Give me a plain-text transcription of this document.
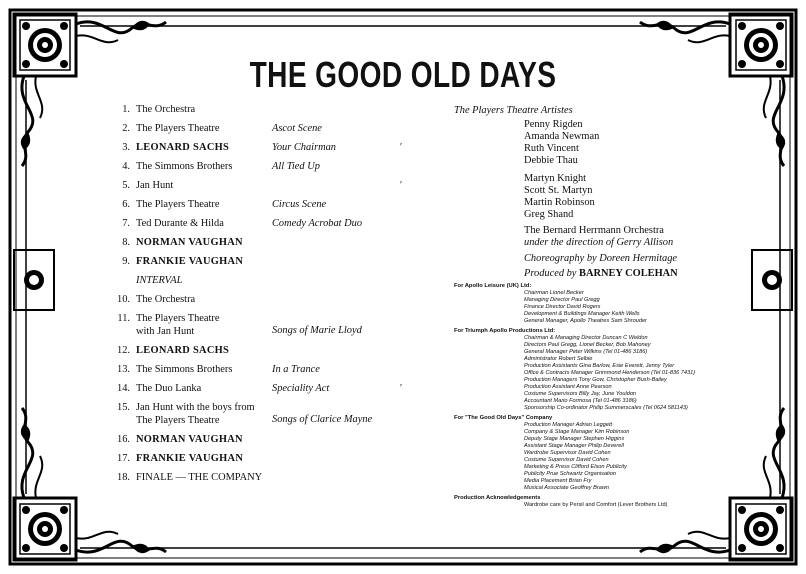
THE GOOD OLD DAYS
1. The Orchestra
2. The Players Theatre	Ascot Scene
3. LEONARD SACHS	Your Chairman	′
4. The Simmons Brothers	All Tied Up
5. Jan Hunt	′
6. The Players Theatre	Circus Scene
7. Ted Durante & Hilda	Comedy Acrobat Duo
8. NORMAN VAUGHAN
9. FRANKIE VAUGHAN
INTERVAL
10. The Orchestra
11. The Players Theatre
with Jan Hunt	Songs of Marie Lloyd
12. LEONARD SACHS
13. The Simmons Brothers	In a Trance
14. The Duo Lanka	Speciality Act	′
15. Jan Hunt with the boys from
The Players Theatre	Songs of Clarice Mayne
16. NORMAN VAUGHAN
17. FRANKIE VAUGHAN
18. FINALE — THE COMPANY
The Players Theatre Artistes
Penny Rigden
Amanda Newman
Ruth Vincent
Debbie Thau
Martyn Knight
Scott St. Martyn
Martin Robinson
Greg Shand
The Bernard Herrmann Orchestra
under the direction of Gerry Allison
Choreography by Doreen Hermitage
Produced by BARNEY COLEHAN
For Apollo Leisure (UK) Ltd:
Chairman Lionel Becker
Managing Director Paul Gregg
Finance Director David Rogers
Development & Buildings Manager Keith Wells
General Manager, Apollo Theatres Sam Shrouder
For Triumph Apollo Productions Ltd:
Chairman & Managing Director Duncan C Weldon
Directors Paul Gregg, Lionel Becker, Bob Mahoney
General Manager Peter Wilkins (Tel 01-486 3186)
Administrator Robert Selbie
Production Assistants Gina Barlow, Esie Everett, Jenny Tyler
Office & Contracts Manager Grimmond Henderson (Tel 01-836 7431)
Production Managers Tony Gow, Christopher Bush-Bailey
Production Assistant Anne Pearson
Costume Supervisors Billy Jay, June Youldon
Accountant Mario Formosa (Tel 01-486 3186)
Sponsorship Co-ordinator Philip Summerscales (Tel 0624 581143)
For "The Good Old Days" Company
Production Manager Adrian Leggett
Company & Stage Manager Kim Robinson
Deputy Stage Manager Stephen Higgins
Assistant Stage Manager Philip Deverell
Wardrobe Supervisor David Cohen
Costume Supervisor David Cohen
Marketing & Press Clifford Elson Publicity
Publicity Prue Schwartz Organisation
Media Placement Brian Fry
Musical Associate Geoffrey Brawn
Production Acknowledgements
Wardrobe care by Persil and Comfort (Lever Brothers Ltd)
